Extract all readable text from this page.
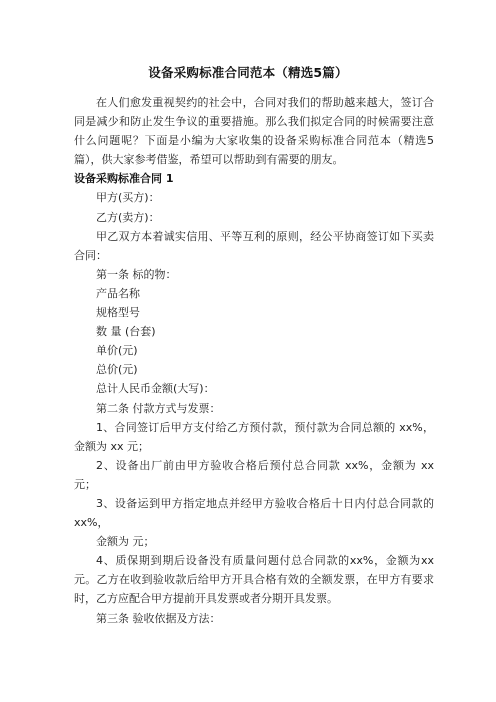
设备采购标准合同范本（精选5篇）

在人们愈发重视契约的社会中，合同对我们的帮助越来越大，签订合同是减少和防止发生争议的重要措施。那么我们拟定合同的时候需要注意什么问题呢？下面是小编为大家收集的设备采购标准合同范本（精选5篇），供大家参考借鉴，希望可以帮助到有需要的朋友。

设备采购标准合同 1

甲方(买方)：

乙方(卖方)：

甲乙双方本着诚实信用、平等互利的原则，经公平协商签订如下买卖合同：

第一条 标的物：

产品名称

规格型号

数 量 (台套)

单价(元)

总价(元)

总计人民币金额(大写)：

第二条 付款方式与发票：

1、合同签订后甲方支付给乙方预付款，预付款为合同总额的 xx%，金额为 xx 元；

2、设备出厂前由甲方验收合格后预付总合同款 xx%，金额为 xx 元；

3、设备运到甲方指定地点并经甲方验收合格后十日内付总合同款的 xx%，

金额为 元；

4、质保期到期后设备没有质量问题付总合同款的xx%，金额为xx元。乙方在收到验收款后给甲方开具合格有效的全额发票，在甲方有要求时，乙方应配合甲方提前开具发票或者分期开具发票。

第三条 验收依据及方法：
